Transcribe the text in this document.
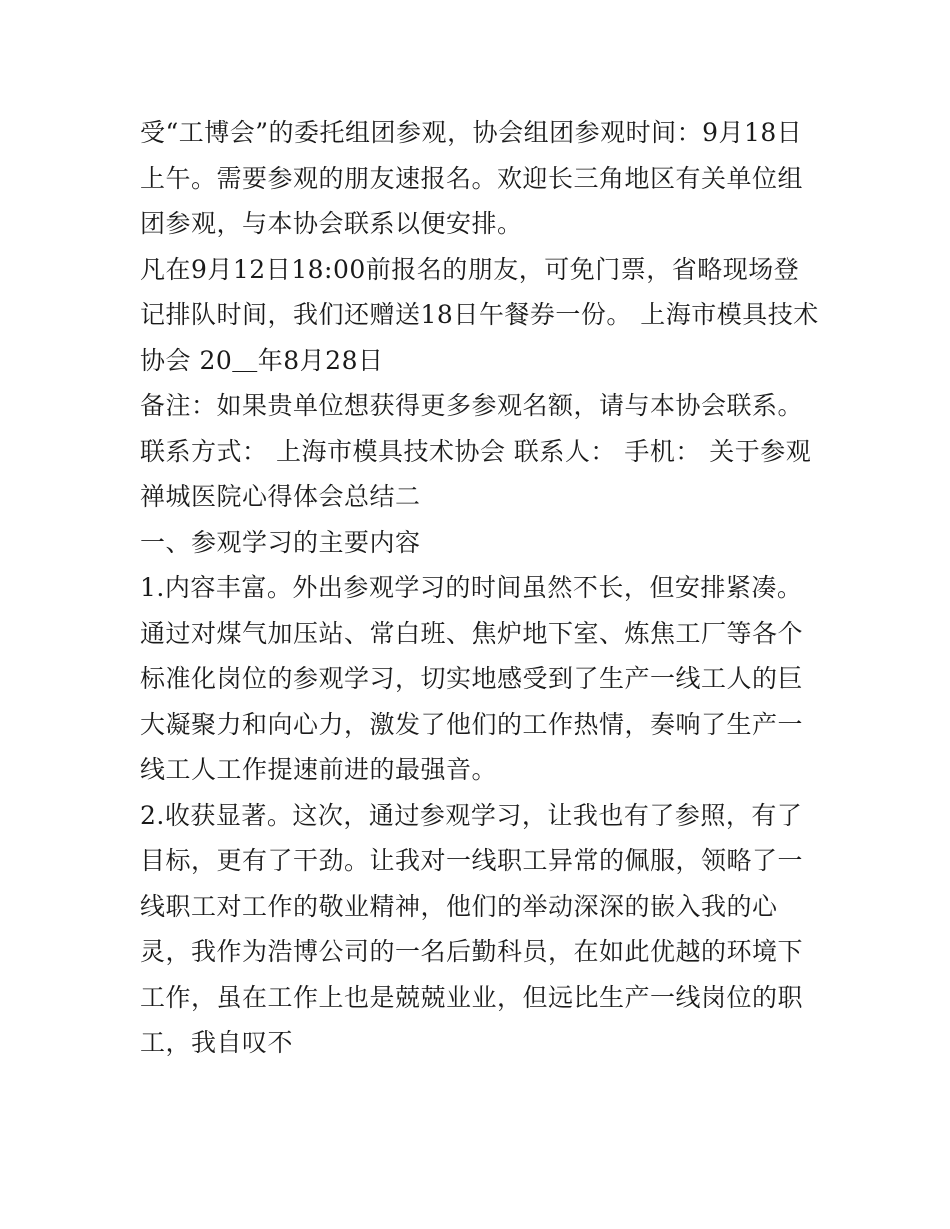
受“工博会”的委托组团参观，协会组团参观时间：9月18日上午。需要参观的朋友速报名。欢迎长三角地区有关单位组团参观，与本协会联系以便安排。

凡在9月12日18:00前报名的朋友，可免门票，省略现场登记排队时间，我们还赠送18日午餐券一份。 上海市模具技术协会 20＿年8月28日

备注：如果贵单位想获得更多参观名额，请与本协会联系。

联系方式： 上海市模具技术协会 联系人： 手机： 关于参观禅城医院心得体会总结二

一、参观学习的主要内容

1.内容丰富。外出参观学习的时间虽然不长，但安排紧凑。通过对煤气加压站、常白班、焦炉地下室、炼焦工厂等各个标准化岗位的参观学习，切实地感受到了生产一线工人的巨大凝聚力和向心力，激发了他们的工作热情，奏响了生产一线工人工作提速前进的最强音。

2.收获显著。这次，通过参观学习，让我也有了参照，有了目标，更有了干劲。让我对一线职工异常的佩服，领略了一线职工对工作的敬业精神，他们的举动深深的嵌入我的心灵，我作为浩博公司的一名后勤科员，在如此优越的环境下工作，虽在工作上也是兢兢业业，但远比生产一线岗位的职工，我自叹不
